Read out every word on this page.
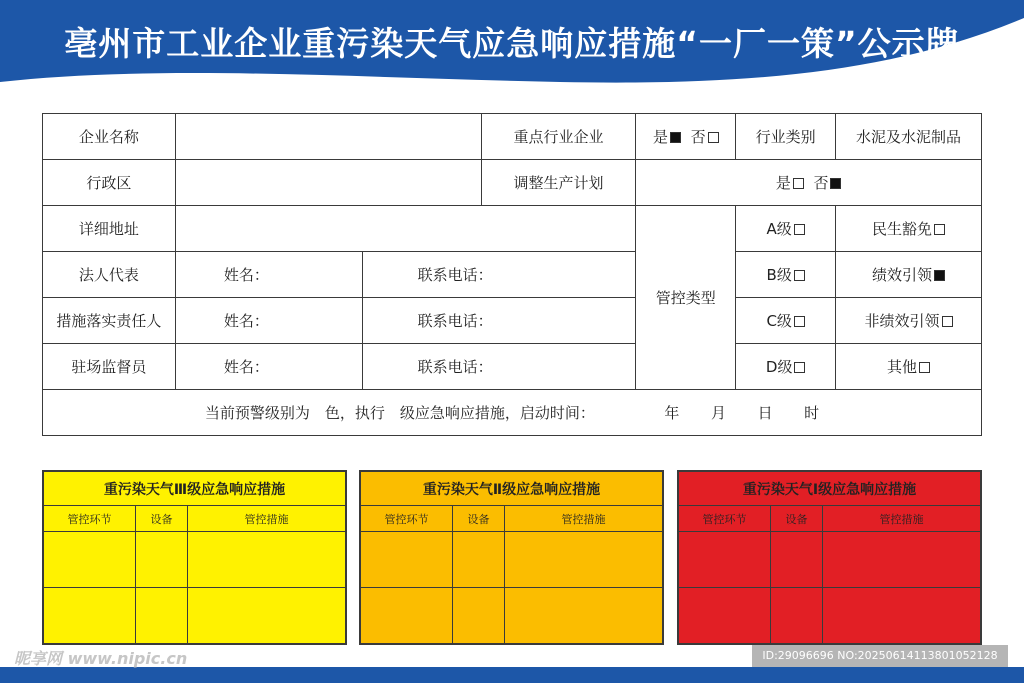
亳州市工业企业重污染天气应急响应措施“一厂一策”公示牌
企业名称			重点行业企业	是 否	行业类别	水泥及水泥制品
行政区			调整生产计划	是 否		
详细地址				管控类型	A级	民生豁免
法人代表	姓名：	联系电话：			B级	绩效引领
措施落实责任人	姓名：	联系电话：			C级	非绩效引领
驻场监督员	姓名：	联系电话：			D级	其他
当前预警级别为　色，执行　级应急响应措施，启动时间： 年 月 日 时						
重污染天气Ⅲ级应急响应措施		
管控环节	设备	管控措施

重污染天气Ⅱ级应急响应措施		
管控环节	设备	管控措施

重污染天气Ⅰ级应急响应措施		
管控环节	设备	管控措施

昵享网 www.nipic.cn	ID:29096696 NO:20250614113801052128
